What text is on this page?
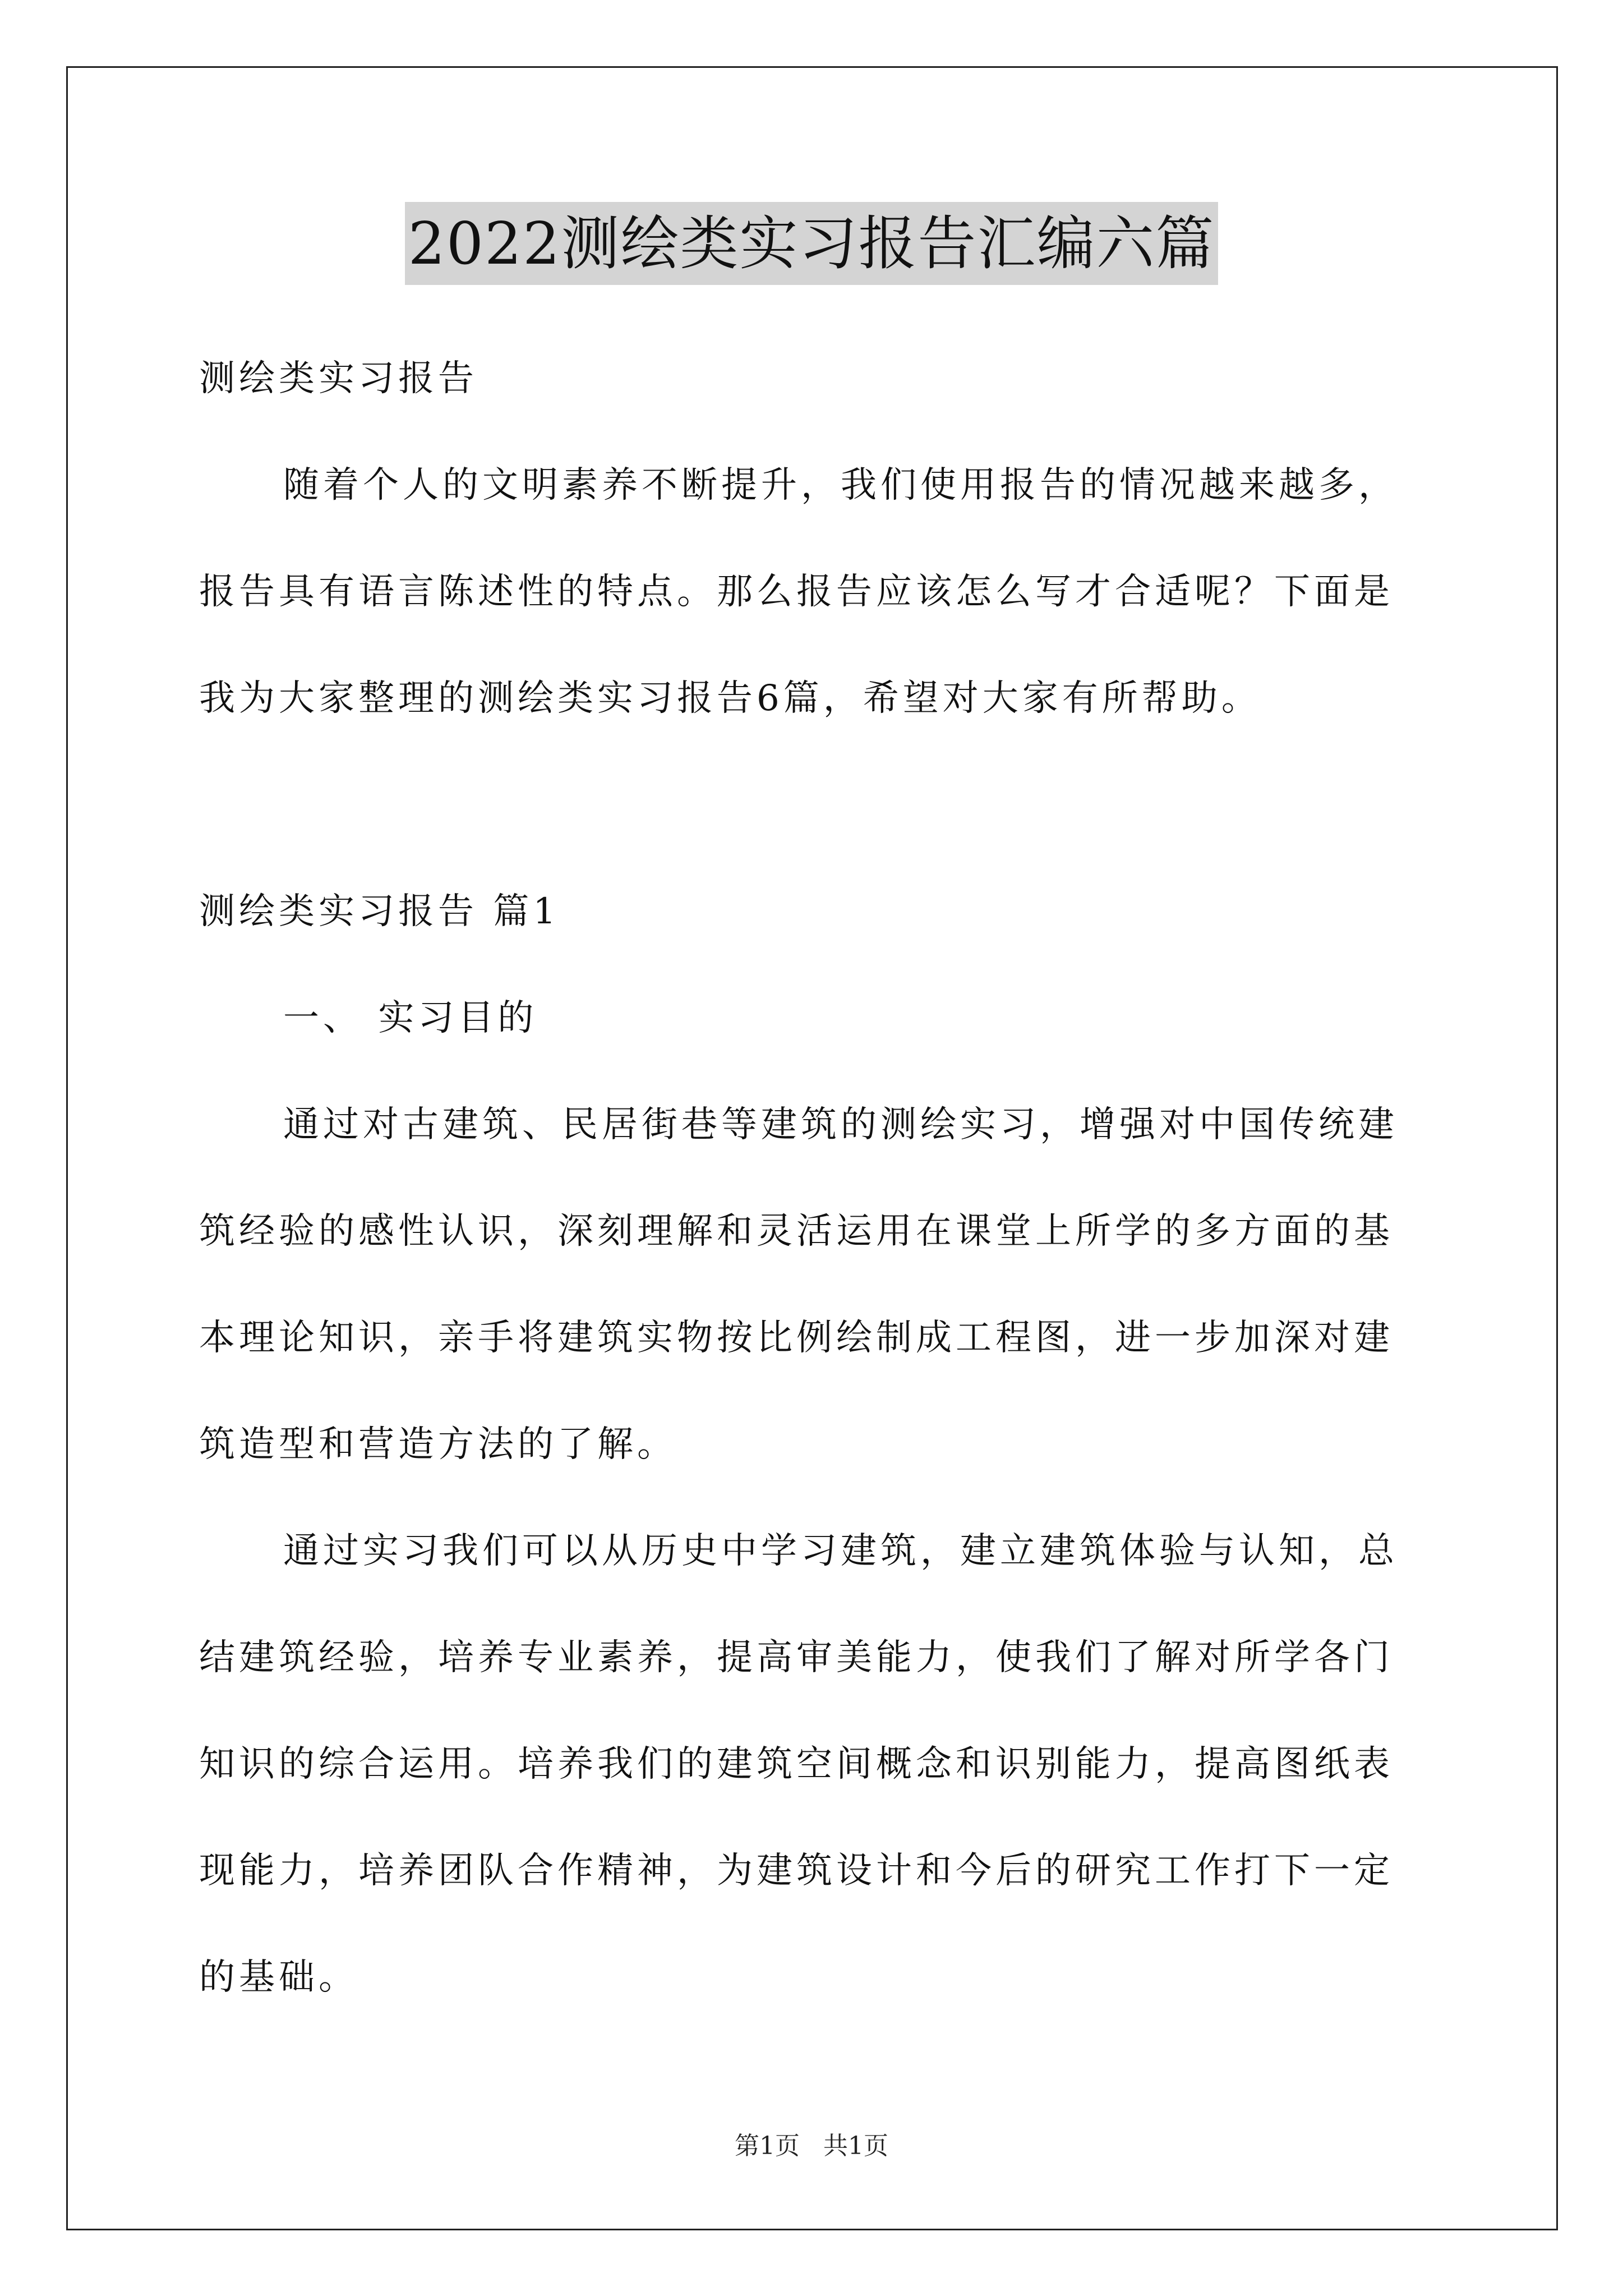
2022测绘类实习报告汇编六篇
测绘类实习报告
随着个人的文明素养不断提升，我们使用报告的情况越来越多，
报告具有语言陈述性的特点。那么报告应该怎么写才合适呢？下面是
我为大家整理的测绘类实习报告6篇，希望对大家有所帮助。
测绘类实习报告 篇1
一、 实习目的
通过对古建筑、民居街巷等建筑的测绘实习，增强对中国传统建
筑经验的感性认识，深刻理解和灵活运用在课堂上所学的多方面的基
本理论知识，亲手将建筑实物按比例绘制成工程图，进一步加深对建
筑造型和营造方法的了解。
通过实习我们可以从历史中学习建筑，建立建筑体验与认知，总
结建筑经验，培养专业素养，提高审美能力，使我们了解对所学各门
知识的综合运用。培养我们的建筑空间概念和识别能力，提高图纸表
现能力，培养团队合作精神，为建筑设计和今后的研究工作打下一定
的基础。
第1页 共1页
